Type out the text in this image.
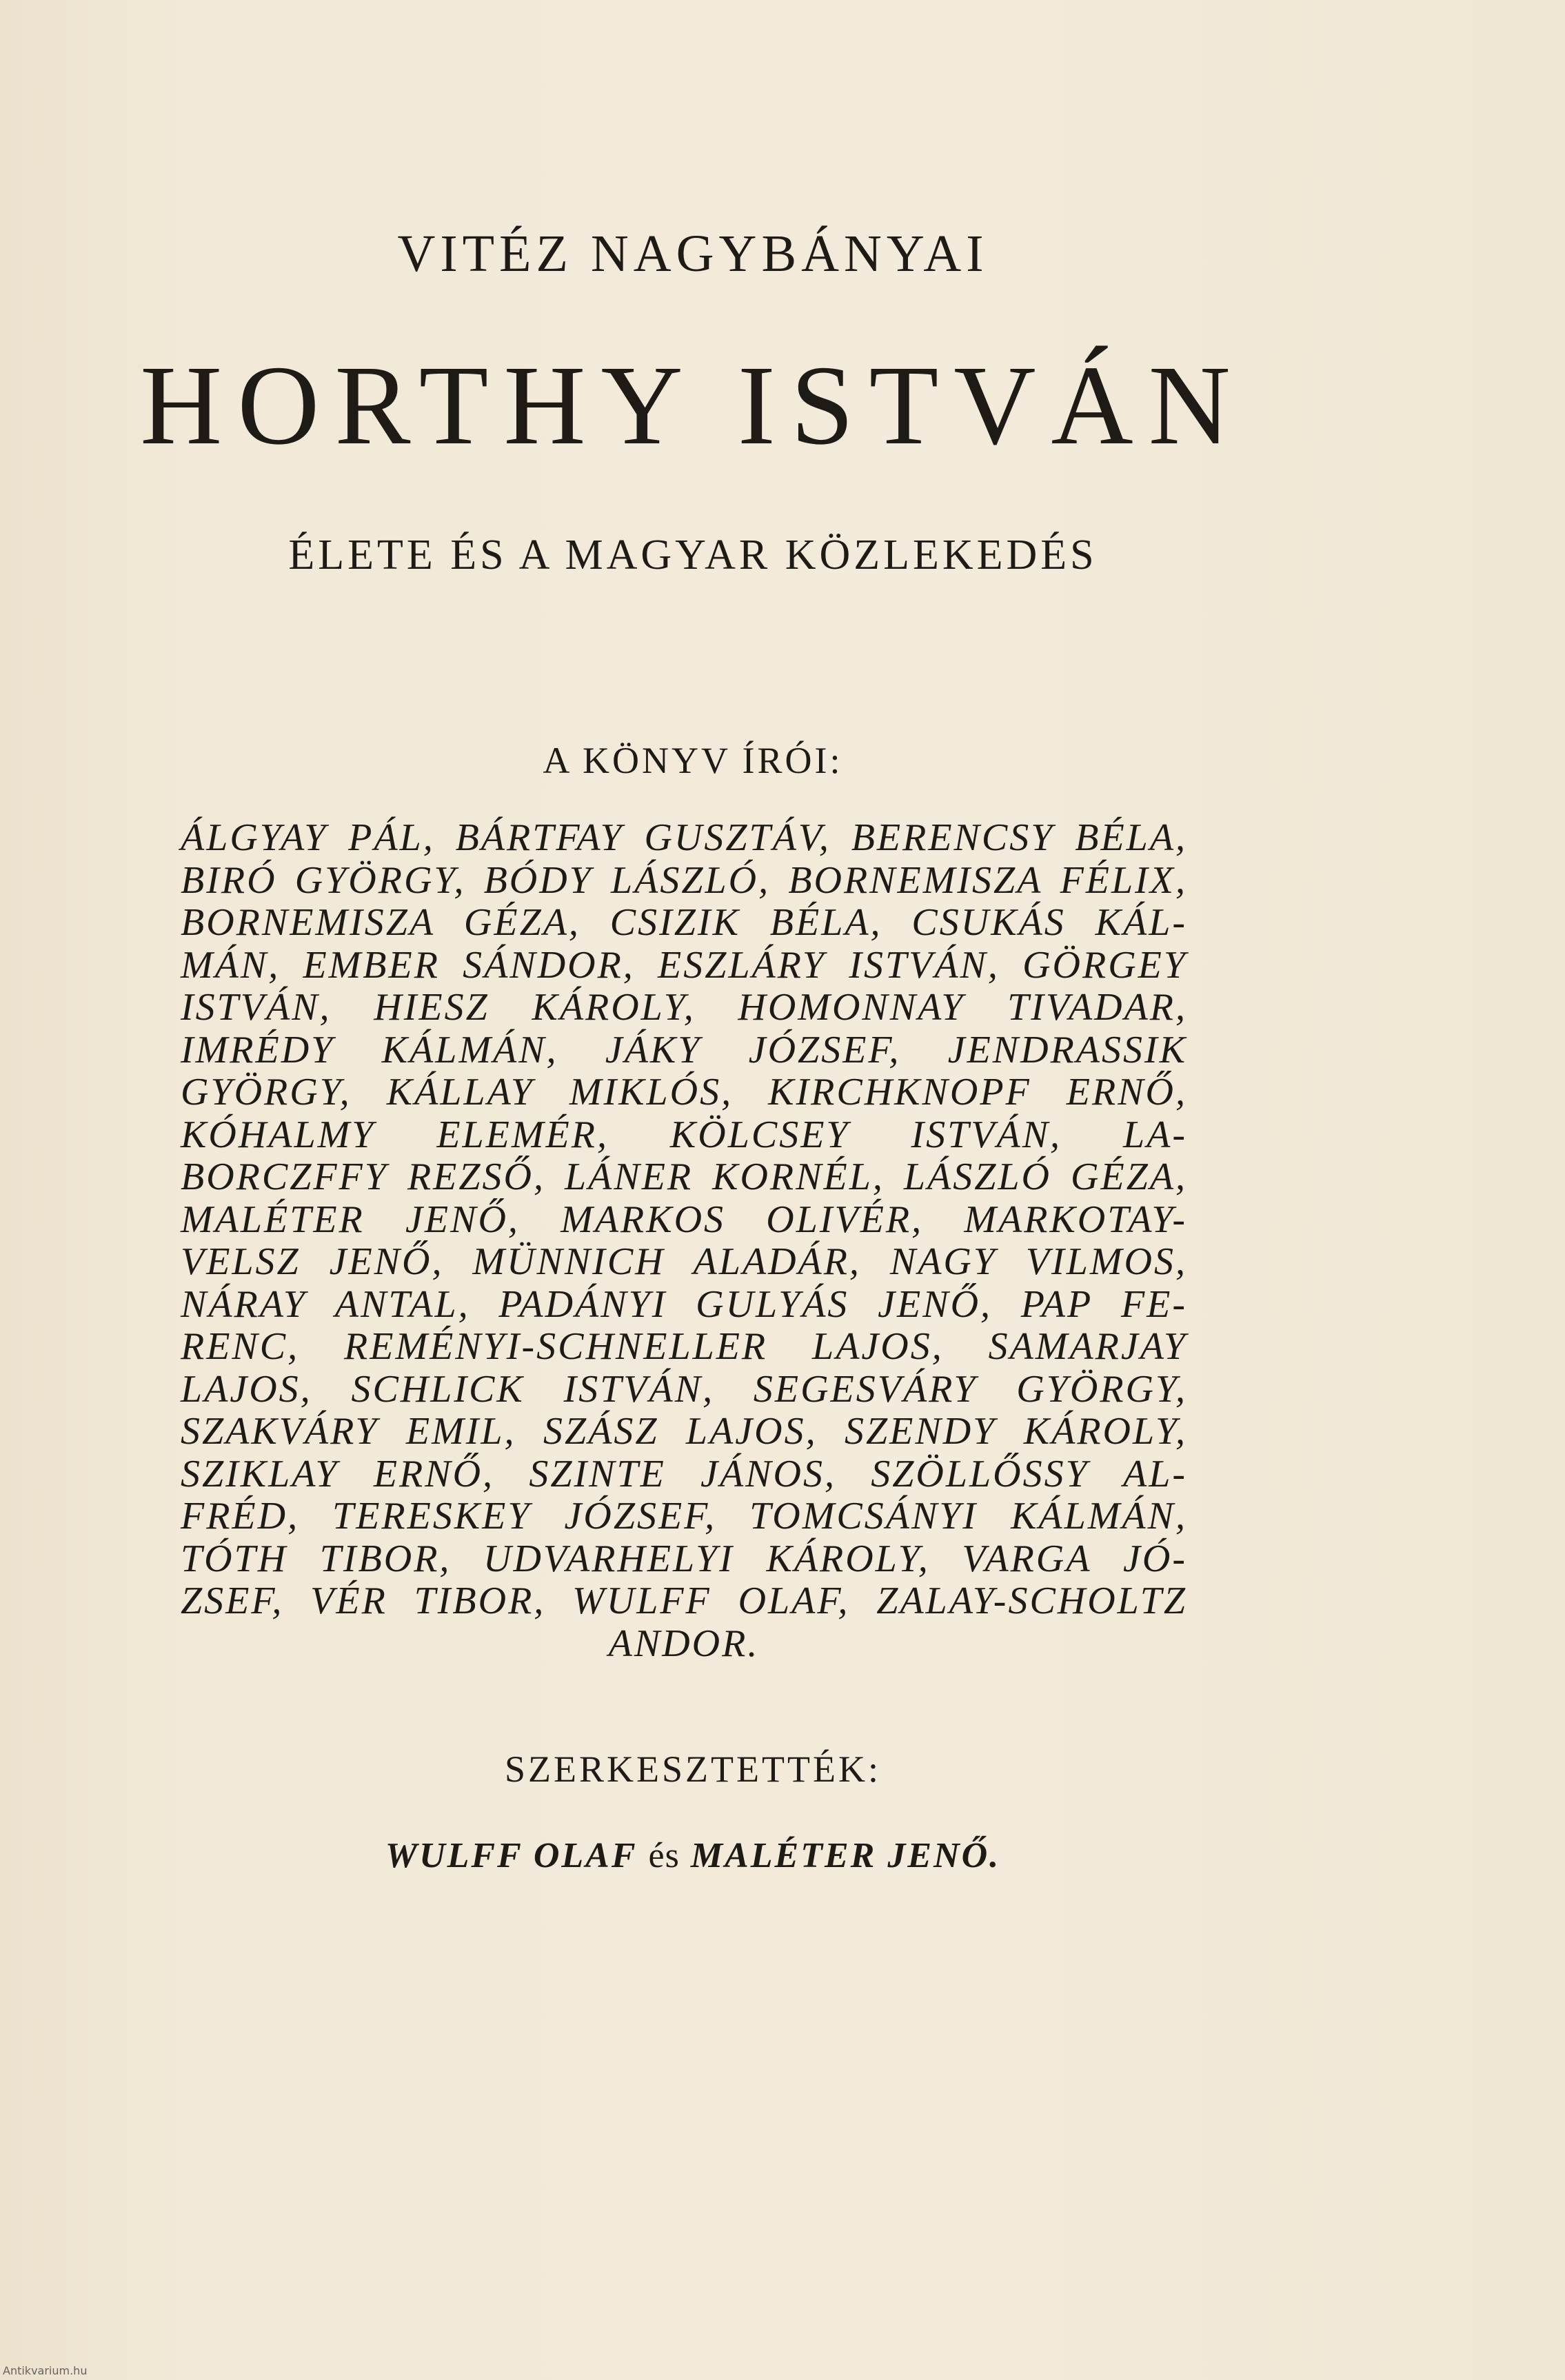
VITÉZ NAGYBÁNYAI
HORTHY ISTVÁN
ÉLETE ÉS A MAGYAR KÖZLEKEDÉS
A KÖNYV ÍRÓI:
ÁLGYAY PÁL, BÁRTFAY GUSZTÁV, BERENCSY BÉLA,
BIRÓ GYÖRGY, BÓDY LÁSZLÓ, BORNEMISZA FÉLIX,
BORNEMISZA GÉZA, CSIZIK BÉLA, CSUKÁS KÁL-
MÁN, EMBER SÁNDOR, ESZLÁRY ISTVÁN, GÖRGEY
ISTVÁN, HIESZ KÁROLY, HOMONNAY TIVADAR,
IMRÉDY KÁLMÁN, JÁKY JÓZSEF, JENDRASSIK
GYÖRGY, KÁLLAY MIKLÓS, KIRCHKNOPF ERNŐ,
KÓHALMY ELEMÉR, KÖLCSEY ISTVÁN, LA-
BORCZFFY REZSŐ, LÁNER KORNÉL, LÁSZLÓ GÉZA,
MALÉTER JENŐ, MARKOS OLIVÉR, MARKOTAY-
VELSZ JENŐ, MÜNNICH ALADÁR, NAGY VILMOS,
NÁRAY ANTAL, PADÁNYI GULYÁS JENŐ, PAP FE-
RENC, REMÉNYI-SCHNELLER LAJOS, SAMARJAY
LAJOS, SCHLICK ISTVÁN, SEGESVÁRY GYÖRGY,
SZAKVÁRY EMIL, SZÁSZ LAJOS, SZENDY KÁROLY,
SZIKLAY ERNŐ, SZINTE JÁNOS, SZÖLLŐSSY AL-
FRÉD, TERESKEY JÓZSEF, TOMCSÁNYI KÁLMÁN,
TÓTH TIBOR, UDVARHELYI KÁROLY, VARGA JÓ-
ZSEF, VÉR TIBOR, WULFF OLAF, ZALAY-SCHOLTZ
ANDOR.
SZERKESZTETTÉK:
WULFF OLAF és MALÉTER JENŐ.
Antikvarium.hu
